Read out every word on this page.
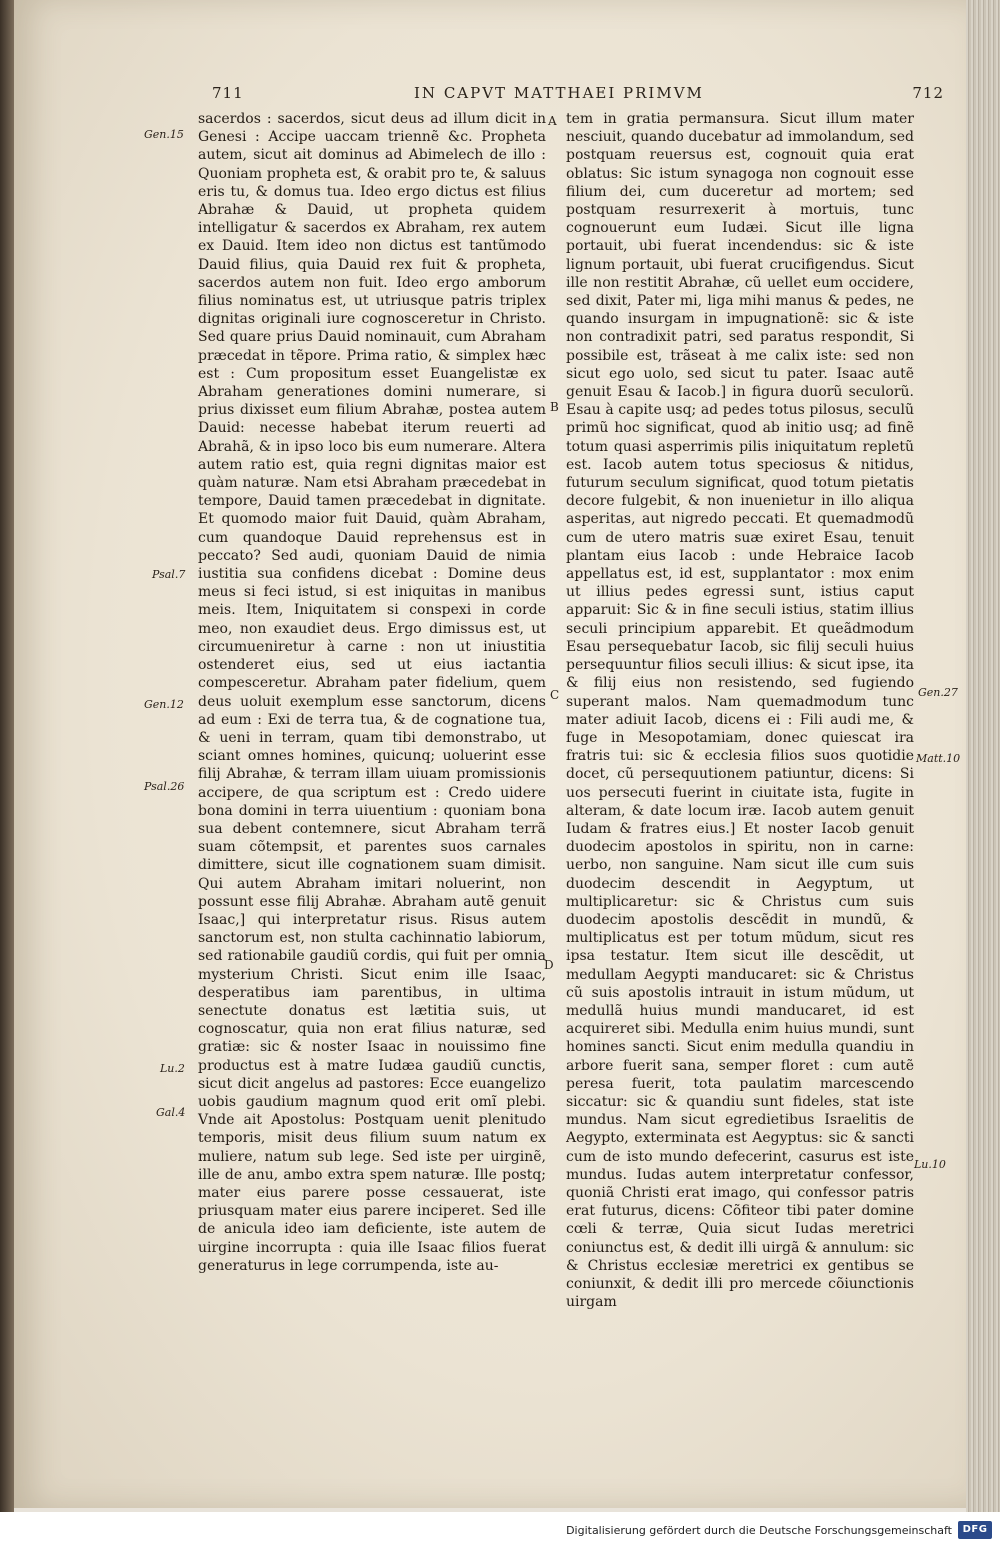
711	IN CAPVT MATTHAEI PRIMVM	712

sacerdos : sacerdos, sicut deus ad illum dicit in Genesi : Accipe uaccam triennẽ &c. Propheta autem, sicut ait dominus ad Abimelech de illo : Quoniam propheta est, & orabit pro te, & saluus eris tu, & domus tua. Ideo ergo dictus est filius Abrahæ & Dauid, ut propheta quidem intelligatur & sacerdos ex Abraham, rex autem ex Dauid. Item ideo non dictus est tantũmodo Dauid filius, quia Dauid rex fuit & propheta, sacerdos autem non fuit. Ideo ergo amborum filius nominatus est, ut utriusque patris triplex dignitas originali iure cognosceretur in Christo. Sed quare prius Dauid nominauit, cum Abraham præcedat in tẽpore. Prima ratio, & simplex hæc est : Cum propositum esset Euangelistæ ex Abraham generationes domini numerare, si prius dixisset eum filium Abrahæ, postea autem Dauid: necesse habebat iterum reuerti ad Abrahã, & in ipso loco bis eum numerare. Altera autem ratio est, quia regni dignitas maior est quàm naturæ. Nam etsi Abraham præcedebat in tempore, Dauid tamen præcedebat in dignitate. Et quomodo maior fuit Dauid, quàm Abraham, cum quandoque Dauid reprehensus est in peccato? Sed audi, quoniam Dauid de nimia iustitia sua confidens dicebat : Domine deus meus si feci istud, si est iniquitas in manibus meis. Item, Iniquitatem si conspexi in corde meo, non exaudiet deus. Ergo dimissus est, ut circumueniretur à carne : non ut iniustitia ostenderet eius, sed ut eius iactantia compesceretur. Abraham pater fidelium, quem deus uoluit exemplum esse sanctorum, dicens ad eum : Exi de terra tua, & de cognatione tua, & ueni in terram, quam tibi demonstrabo, ut sciant omnes homines, quicunq; uoluerint esse filij Abrahæ, & terram illam uiuam promissionis accipere, de qua scriptum est : Credo uidere bona domini in terra uiuentium : quoniam bona sua debent contemnere, sicut Abraham terrã suam cõtempsit, et parentes suos carnales dimittere, sicut ille cognationem suam dimisit. Qui autem Abraham imitari noluerint, non possunt esse filij Abrahæ. Abraham autẽ genuit Isaac,] qui interpretatur risus. Risus autem sanctorum est, non stulta cachinnatio labiorum, sed rationabile gaudiũ cordis, qui fuit per omnia mysterium Christi. Sicut enim ille Isaac, desperatibus iam parentibus, in ultima senectute donatus est lætitia suis, ut cognoscatur, quia non erat filius naturæ, sed gratiæ: sic & noster Isaac in nouissimo fine productus est à matre Iudæa gaudiũ cunctis, sicut dicit angelus ad pastores: Ecce euangelizo uobis gaudium magnum quod erit omĩ plebi. Vnde ait Apostolus: Postquam uenit plenitudo temporis, misit deus filium suum natum ex muliere, natum sub lege. Sed iste per uirginẽ, ille de anu, ambo extra spem naturæ. Ille postq; mater eius parere posse cessauerat, iste priusquam mater eius parere inciperet. Sed ille de anicula ideo iam deficiente, iste autem de uirgine incorrupta : quia ille Isaac filios fuerat generaturus in lege corrumpenda, iste au-

tem in gratia permansura. Sicut illum mater nesciuit, quando ducebatur ad immolandum, sed postquam reuersus est, cognouit quia erat oblatus: Sic istum synagoga non cognouit esse filium dei, cum duceretur ad mortem; sed postquam resurrexerit à mortuis, tunc cognouerunt eum Iudæi. Sicut ille ligna portauit, ubi fuerat incendendus: sic & iste lignum portauit, ubi fuerat crucifigendus. Sicut ille non restitit Abrahæ, cũ uellet eum occidere, sed dixit, Pater mi, liga mihi manus & pedes, ne quando insurgam in impugnationẽ: sic & iste non contradixit patri, sed paratus respondit, Si possibile est, trãseat à me calix iste: sed non sicut ego uolo, sed sicut tu pater. Isaac autẽ genuit Esau & Iacob.] in figura duorũ seculorũ. Esau à capite usq; ad pedes totus pilosus, seculũ primũ hoc significat, quod ab initio usq; ad finẽ totum quasi asperrimis pilis iniquitatum repletũ est. Iacob autem totus speciosus & nitidus, futurum seculum significat, quod totum pietatis decore fulgebit, & non inuenietur in illo aliqua asperitas, aut nigredo peccati. Et quemadmodũ cum de utero matris suæ exiret Esau, tenuit plantam eius Iacob : unde Hebraice Iacob appellatus est, id est, supplantator : mox enim ut illius pedes egressi sunt, istius caput apparuit: Sic & in fine seculi istius, statim illius seculi principium apparebit. Et queãdmodum Esau persequebatur Iacob, sic filij seculi huius persequuntur filios seculi illius: & sicut ipse, ita & filij eius non resistendo, sed fugiendo superant malos. Nam quemadmodum tunc mater adiuit Iacob, dicens ei : Fili audi me, & fuge in Mesopotamiam, donec quiescat ira fratris tui: sic & ecclesia filios suos quotidie docet, cũ persequutionem patiuntur, dicens: Si uos persecuti fuerint in ciuitate ista, fugite in alteram, & date locum iræ. Iacob autem genuit Iudam & fratres eius.] Et noster Iacob genuit duodecim apostolos in spiritu, non in carne: uerbo, non sanguine. Nam sicut ille cum suis duodecim descendit in Aegyptum, ut multiplicaretur: sic & Christus cum suis duodecim apostolis descẽdit in mundũ, & multiplicatus est per totum mũdum, sicut res ipsa testatur. Item sicut ille descẽdit, ut medullam Aegypti manducaret: sic & Christus cũ suis apostolis intrauit in istum mũdum, ut medullã huius mundi manducaret, id est acquireret sibi. Medulla enim huius mundi, sunt homines sancti. Sicut enim medulla quandiu in arbore fuerit sana, semper floret : cum autẽ peresa fuerit, tota paulatim marcescendo siccatur: sic & quandiu sunt fideles, stat iste mundus. Nam sicut egredietibus Israelitis de Aegypto, exterminata est Aegyptus: sic & sancti cum de isto mundo defecerint, casurus est iste mundus. Iudas autem interpretatur confessor, quoniã Christi erat imago, qui confessor patris erat futurus, dicens: Cõfiteor tibi pater domine cœli & terræ, Quia sicut Iudas meretrici coniunctus est, & dedit illi uirgã & annulum: sic & Christus ecclesiæ meretrici ex gentibus se coniunxit, & dedit illi pro mercede cõiunctionis uirgam

Gen.15
Psal.7
Gen.12
Psal.26
Lu.2
Gal.4
Gen.27
Matt.10
Lu.10
A
B
C
D
Digitalisierung gefördert durch die Deutsche Forschungsgemeinschaft	DFG
